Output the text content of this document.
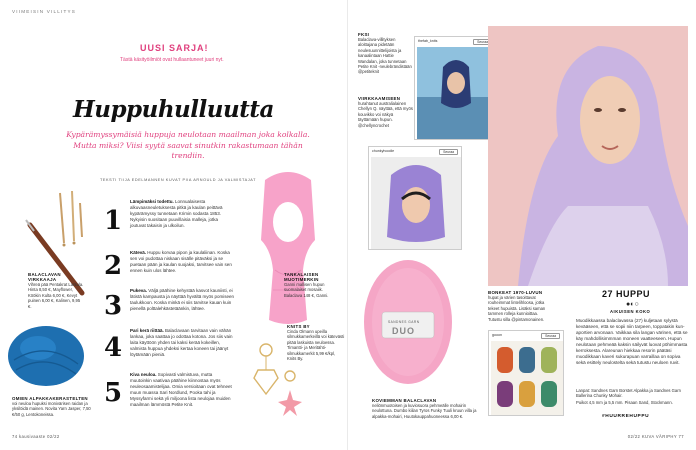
VIIMEISIN VILLITYS
UUSI SARJA!
Tästä käsityöilmiöt ovat hullaantuneet juuri nyt.
Huppuhulluutta
Kypärämyssymäisiä huppuja neulotaan maailman joka kolkalla. Mutta miksi? Viisi syytä saavat sinutkin rakastumaan tähän trendiin.
TEKSTI TIIJA EDELMANNEN KUVAT PIIA ARNOULD JA VALMISTAJAT
BALACLAVAN VIRKKAAJA
Vihreä pää Pentakrat Lantula. Hinta 8,50 €, Mayflower, Köökin Kulta 6,00 €, Kevyt puinen 6,00 €, Kalinen, 9,95 €.
OMIEN ALPAKKAKERASTELTEN
voi neuloa hupuksi monivärisen raidan ja yksilöidä mainen. Novita Yarn Jasper, 7,50 €/50 g, Lentokoneissa.
1
Lämpimäksi todettu. Lonnualaisesta alkuvaasneuletuksesta pitkä ja kaulan peittävä kypärämyssy tunnetaan Krimin sodasta 1853. Nykyisin suositaan puuvillaisia malleja, jotka joutuvat takaisin ja ulkoilun.
2 Kätevä. Huppu korvaa pipon ja kaulaliinan. Koska sen voi pudottaa niskaan sisälle pitäväksi ja se puetaan pään ja kaulan suojaksi, tarvitsee vain sen ennen kuin ulos lähtee.
3
Pukeva. Väljä päähine kehystää kasvot kauniisti, ei lätistä kampausta ja näyttää hyvältä myös pomiseen taulukkoon. Koska minkä ei siis tarvitse kauan kuin pienellä polttalehkästetäänkin, lähtee.
4
Pari kerä riittää. Balaclavaan tarvitaan vain vähän lankaa, joka saattaa jo odottaa kotona. Jos siis vain laita käyttöön yhden tai kaksi kerää kokeillen, valmista huppua yhdeksi kertaa koneen tai jäänyt löytämään pieniä.
5
Kiva neuloa. Sopivasti valmistuva, mutta muutoinkin vaativaa päähine kiinnostaa myös neuleosaamistelijaa. Omia versioitaan ovat tehneet muun muassa Sari Nordlund, Pooka tahi ja Myssyfarmi sekä yli miljoona lista neulojaa muiden maailman lämmöstä Petite Knit.
TANKALAISEN MUOTIMERKIN
Ganni mallisen hupun suomalaiset mosaiik. Balaclava 148 €, Ganni.
KNITS BY
Cinda Olmann upeilla silmukkamerkeillä voi kätevästi pitää laskuista neuloessa. Timantti- ja Meritähti-silmukkamerkit 5,99 €/kpl, Knits By.
74 kausivaaste 02/22
FKSI
Balaclava-villityksen aloittajana pidetään neulesuunnittelijoista ja kanaalintaan Hattie Wandalan, joka tunnetaan Petite Knit -neulebrändistään @petiteknit
thefab_knits	Seuraa
VIIRKKAAMISEEN
hurahtanut australialainen Chellyn Q. näyttää, että myös kouvikko voi näkyä täyttämään hupun. @chellyncrochet
chunkyhoodie	Seuraa
SANDNES GARN
DUO
KOVIEMMAN BALACLAVAN
neliönmuotoisen ja kuviosuora pehmeälle mohairin neulottuna. Dumbo kiilan Tyros Funky Tuuli kruun villa ja alpakka-mohairi, Huutokauppahuoneessa 6,00 €.
BONKEAT 1970-LUVUN
hupat ja värien tasoittavat rouheimmat lintelihloosa, jotka tekeet hupuistä. Lisäksi saman tammen rolleja kunnioittaa. Tutustu silla @pintamonainen.
gooon	Seuraa
27 HUPPU
●◐○
AIKUISEN KOKO
Muodikkaassa balaclavassa (27) kuljetaan sylystä kevääseen, että se sopii niin tarpeen, toppatakin kun-aportien arvonaan. Vaikkaa sila langan värinen, että se käy mahdollisimmman moneen vaatteeseen. Hupun neulotaan pehmeää kaksin säilyvät luovat pöhimmasta kerroksesta. Alareunan hiekkaa resorin päätäsi muodikkaan kaveri sukurapuan varraillaa on sopiva sekä esittely neulostelta sekä tutustu neuloen ruvit.
Lanpat: Sandnes Garn Borstet Alpakka ja Sandnes Garn Ballerina Chunky Mohair.
Puikot 4,5 mm ja 5,5 mm. Pisaan Sand, Stockmann.
#HUURREHUPPU
02/22 KUVA VÄRIPHY 77
